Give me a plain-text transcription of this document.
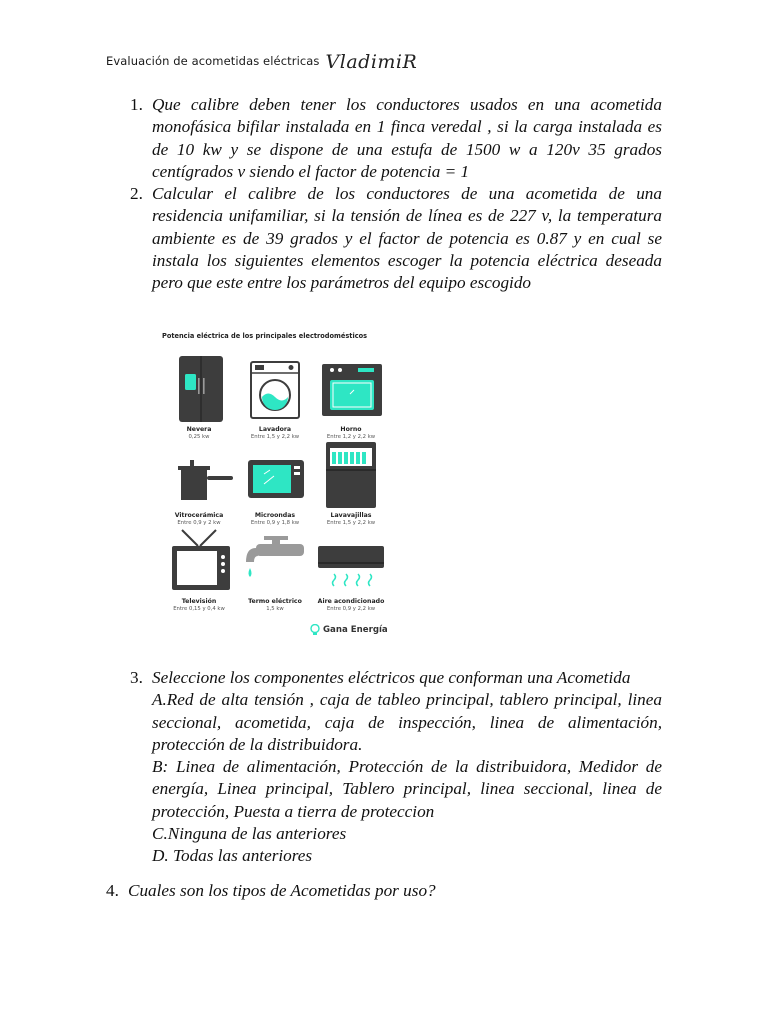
Evaluación de acometidas eléctricas VladimiR
1. Que calibre deben tener los conductores usados en una acometida monofásica bifilar instalada en 1 finca veredal , si la carga instalada es de 10 kw y se dispone de una estufa de 1500 w a 120v 35 grados centígrados v siendo el factor de potencia = 1
2. Calcular el calibre de los conductores de una acometida de una residencia unifamiliar, si la tensión de línea es de 227 v, la temperatura ambiente es de 39 grados y el factor de potencia es 0.87 y en cual se instala los siguientes elementos escoger la potencia eléctrica deseada pero que este entre los parámetros del equipo escogido
Potencia eléctrica de los principales electrodomésticos
Nevera
0,25 kw
Lavadora
Entre 1,5 y 2,2 kw
Horno
Entre 1,2 y 2,2 kw
Vitrocerámica
Entre 0,9 y 2 kw
Microondas
Entre 0,9 y 1,8 kw
Lavavajillas
Entre 1,5 y 2,2 kw
Televisión
Entre 0,15 y 0,4 kw
Termo eléctrico
1,5 kw
Aire acondicionado
Entre 0,9 y 2,2 kw
Gana Energía
3. Seleccione los componentes eléctricos que conforman una Acometida
A.Red de alta tensión , caja de tableo principal, tablero principal, linea seccional, acometida, caja de inspección, linea de alimentación, protección de la distribuidora.
B: Linea de alimentación, Protección de la distribuidora, Medidor de energía, Linea principal, Tablero principal, linea seccional, linea de protección, Puesta a tierra de proteccion
C.Ninguna de las anteriores
D. Todas las anteriores
4. Cuales son los tipos de Acometidas por uso?
